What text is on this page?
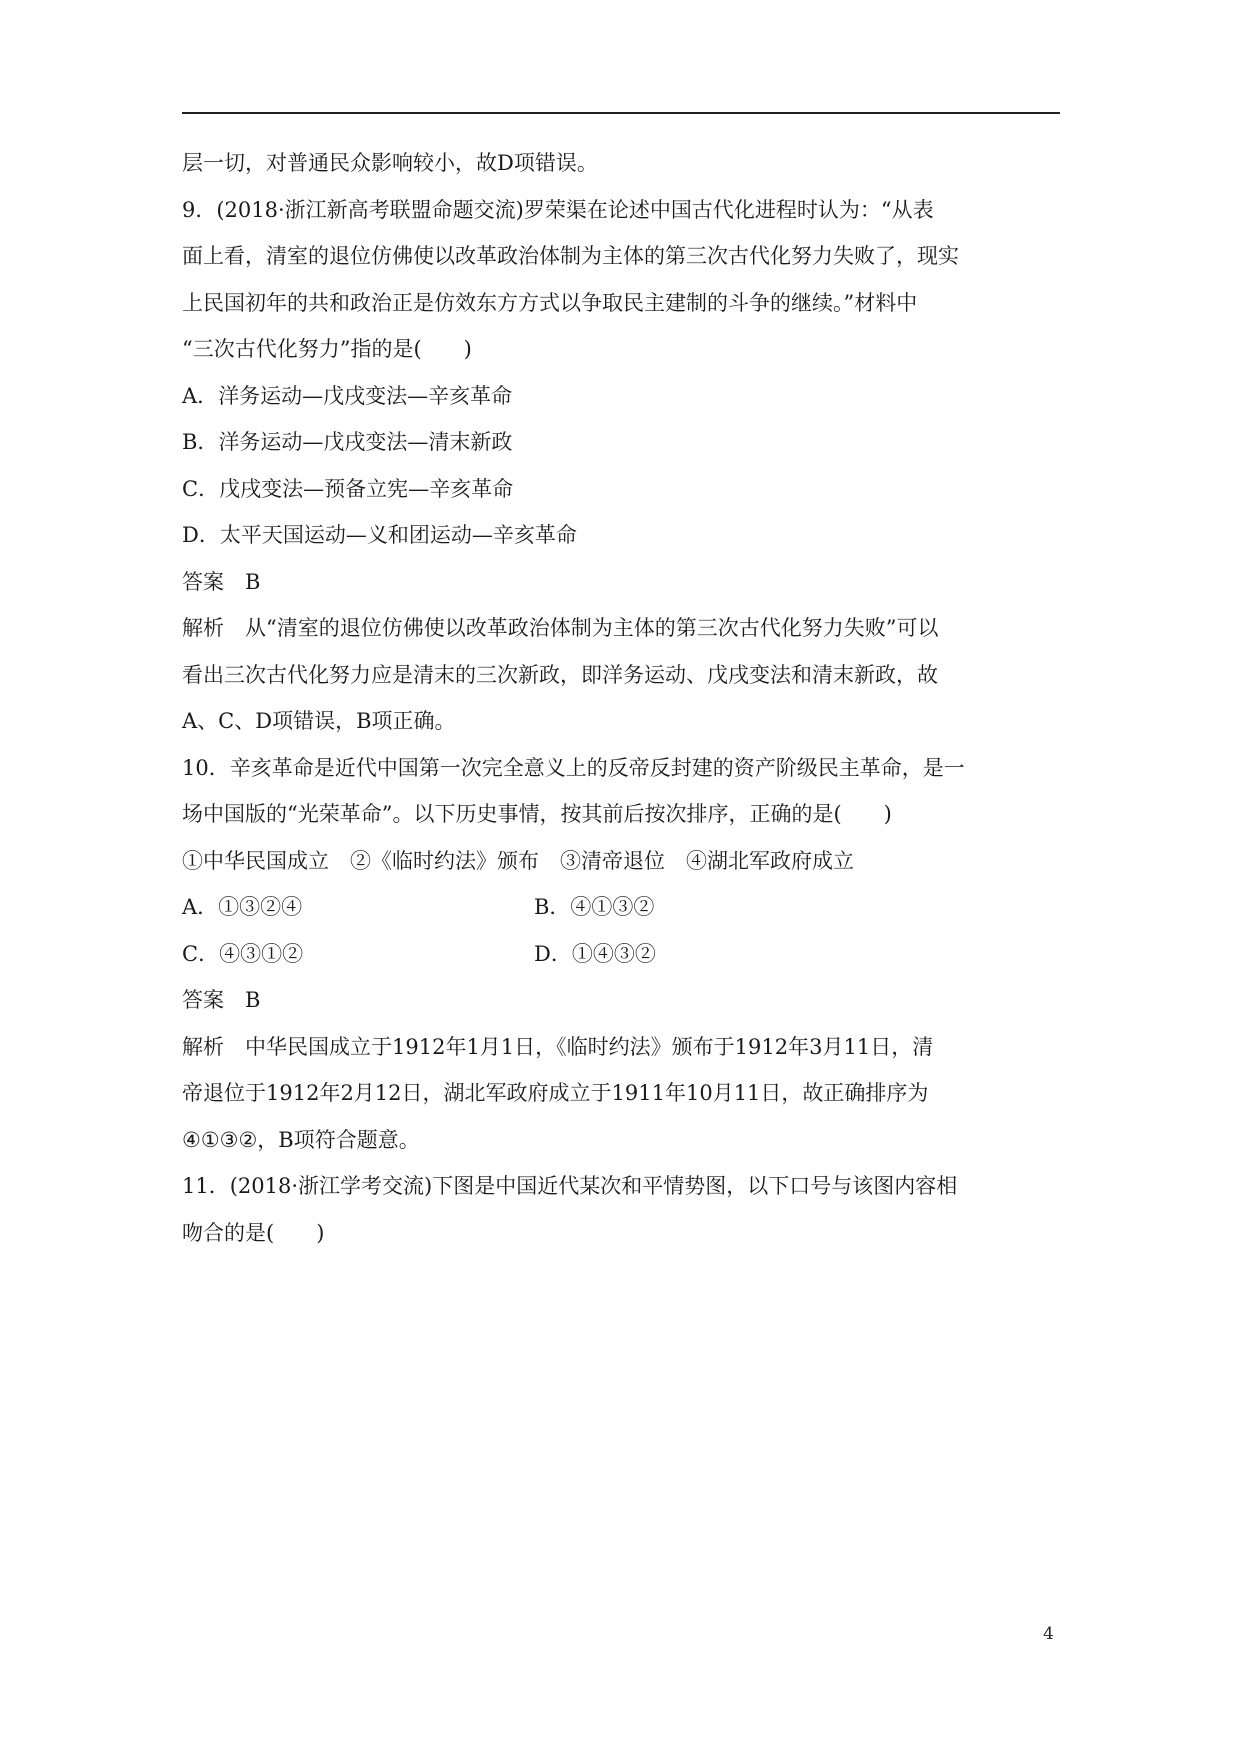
层一切，对普通民众影响较小，故D项错误。
9．(2018·浙江新高考联盟命题交流)罗荣渠在论述中国古代化进程时认为：“从表
面上看，清室的退位仿佛使以改革政治体制为主体的第三次古代化努力失败了，现实
上民国初年的共和政治正是仿效东方方式以争取民主建制的斗争的继续。”材料中
“三次古代化努力”指的是(　　)
A．洋务运动—戊戌变法—辛亥革命
B．洋务运动—戊戌变法—清末新政
C．戊戌变法—预备立宪—辛亥革命
D．太平天国运动—义和团运动—辛亥革命
答案　B
解析　从“清室的退位仿佛使以改革政治体制为主体的第三次古代化努力失败”可以
看出三次古代化努力应是清末的三次新政，即洋务运动、戊戌变法和清末新政，故
A、C、D项错误，B项正确。
10．辛亥革命是近代中国第一次完全意义上的反帝反封建的资产阶级民主革命，是一
场中国版的“光荣革命”。以下历史事情，按其前后按次排序，正确的是(　　)
①中华民国成立　②《临时约法》颁布　③清帝退位　④湖北军政府成立
A．①③②④	B．④①③②
C．④③①②	D．①④③②
答案　B
解析　中华民国成立于1912年1月1日，《临时约法》颁布于1912年3月11日，清
帝退位于1912年2月12日，湖北军政府成立于1911年10月11日，故正确排序为
④①③②，B项符合题意。
11．(2018·浙江学考交流)下图是中国近代某次和平情势图，以下口号与该图内容相
吻合的是(　　)
4
